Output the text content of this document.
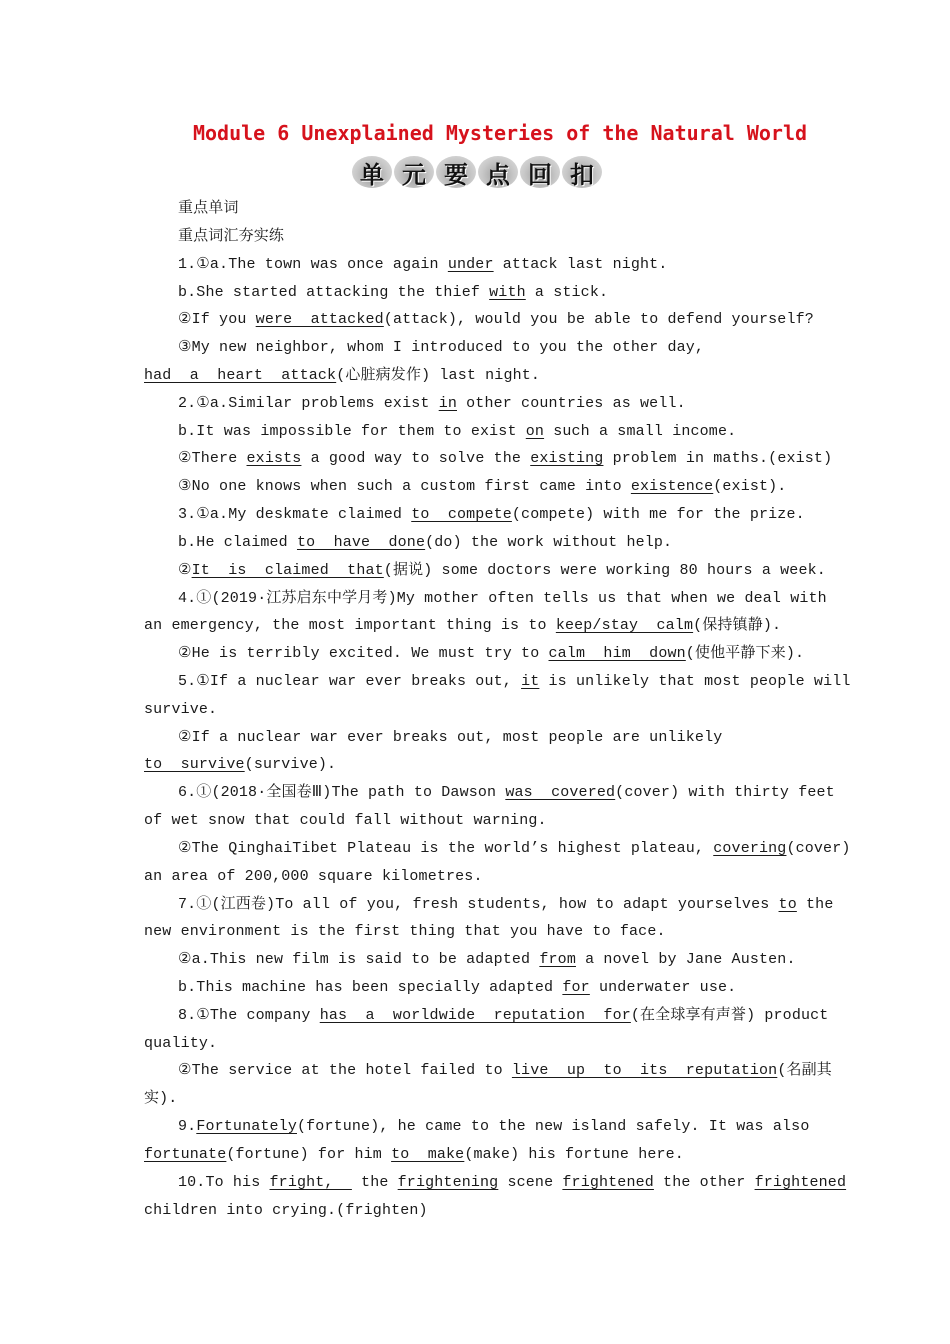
Module 6 Unexplained Mysteries of the Natural World
单 元 要 点 回 扣
重点单词
重点词汇夯实练
1.①a.The town was once again under attack last night.
b.She started attacking the thief with a stick.
②If you were  attacked(attack), would you be able to defend yourself?
③My new neighbor, whom I introduced to you the other day,
had  a  heart  attack(心脏病发作) last night.
2.①a.Similar problems exist in other countries as well.
b.It was impossible for them to exist on such a small income.
②There exists a good way to solve the existing problem in maths.(exist)
③No one knows when such a custom first came into existence(exist).
3.①a.My deskmate claimed to  compete(compete) with me for the prize.
b.He claimed to  have  done(do) the work without help.
②It  is  claimed  that(据说) some doctors were working 80 hours a week.
4.①(2019·江苏启东中学月考)My mother often tells us that when we deal with
an emergency, the most important thing is to keep/stay  calm(保持镇静).
②He is terribly excited. We must try to calm  him  down(使他平静下来).
5.①If a nuclear war ever breaks out, it is unlikely that most people will
survive.
②If a nuclear war ever breaks out, most people are unlikely
to  survive(survive).
6.①(2018·全国卷Ⅲ)The path to Dawson was  covered(cover) with thirty feet
of wet snow that could fall without warning.
②The QinghaiTibet Plateau is the world’s highest plateau, covering(cover)
an area of 200,000 square kilometres.
7.①(江西卷)To all of you, fresh students, how to adapt yourselves to the
new environment is the first thing that you have to face.
②a.This new film is said to be adapted from a novel by Jane Austen.
b.This machine has been specially adapted for underwater use.
8.①The company has  a  worldwide  reputation  for(在全球享有声誉) product
quality.
②The service at the hotel failed to live  up  to  its  reputation(名副其
实).
9.Fortunately(fortune), he came to the new island safely. It was also
fortunate(fortune) for him to  make(make) his fortune here.
10.To his fright,   the frightening scene frightened the other frightened
children into crying.(frighten)
